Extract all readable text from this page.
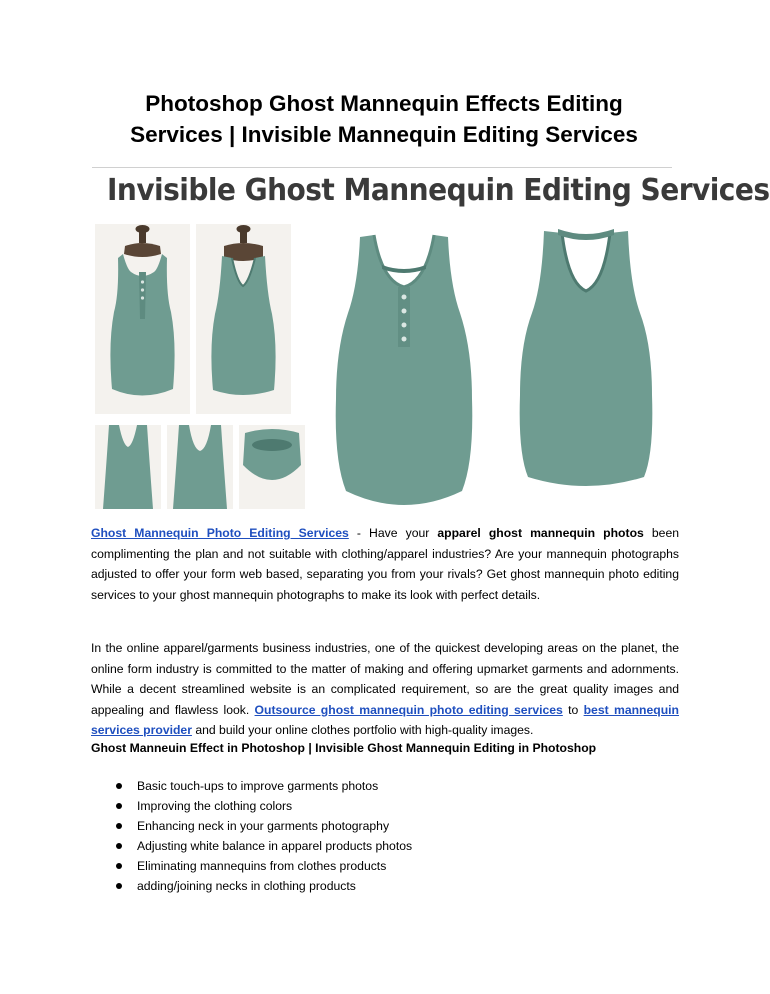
Photoshop Ghost Mannequin Effects Editing
Services | Invisible Mannequin Editing Services
Invisible Ghost Mannequin Editing Services

Ghost Mannequin Photo Editing Services - Have your apparel ghost mannequin photos been complimenting the plan and not suitable with clothing/apparel industries? Are your mannequin photographs adjusted to offer your form web based, separating you from your rivals? Get ghost mannequin photo editing services to your ghost mannequin photographs to make its look with perfect details.

In the online apparel/garments business industries, one of the quickest developing areas on the planet, the online form industry is committed to the matter of making and offering upmarket garments and adornments. While a decent streamlined website is an complicated requirement, so are the great quality images and appealing and flawless look. Outsource ghost mannequin photo editing services to best mannequin services provider and build your online clothes portfolio with high-quality images.

Ghost Manneuin Effect in Photoshop | Invisible Ghost Mannequin Editing in Photoshop

Basic touch-ups to improve garments photos
Improving the clothing colors
Enhancing neck in your garments photography
Adjusting white balance in apparel products photos
Eliminating mannequins from clothes products
adding/joining necks in clothing products
